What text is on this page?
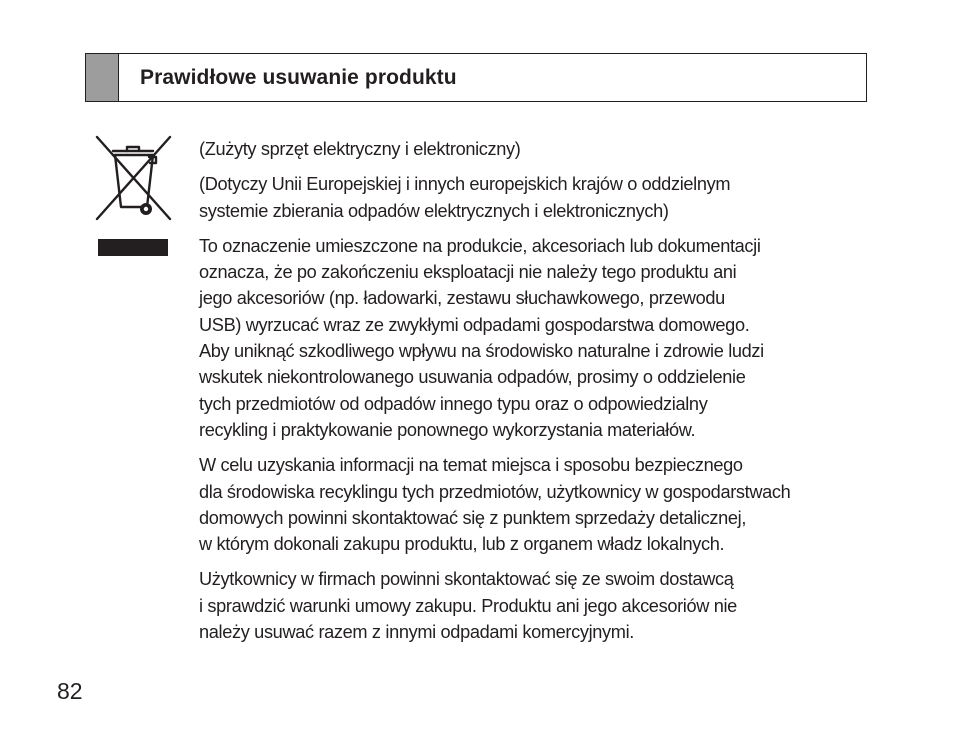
Prawidłowe usuwanie produktu

(Zużyty sprzęt elektryczny i elektroniczny)

(Dotyczy Unii Europejskiej i innych europejskich krajów o oddzielnym
systemie zbierania odpadów elektrycznych i elektronicznych)

To oznaczenie umieszczone na produkcie, akcesoriach lub dokumentacji
oznacza, że po zakończeniu eksploatacji nie należy tego produktu ani
jego akcesoriów (np. ładowarki, zestawu słuchawkowego, przewodu
USB) wyrzucać wraz ze zwykłymi odpadami gospodarstwa domowego.
Aby uniknąć szkodliwego wpływu na środowisko naturalne i zdrowie ludzi
wskutek niekontrolowanego usuwania odpadów, prosimy o oddzielenie
tych przedmiotów od odpadów innego typu oraz o odpowiedzialny
recykling i praktykowanie ponownego wykorzystania materiałów.

W celu uzyskania informacji na temat miejsca i sposobu bezpiecznego
dla środowiska recyklingu tych przedmiotów, użytkownicy w gospodarstwach
domowych powinni skontaktować się z punktem sprzedaży detalicznej,
w którym dokonali zakupu produktu, lub z organem władz lokalnych.

Użytkownicy w firmach powinni skontaktować się ze swoim dostawcą
i sprawdzić warunki umowy zakupu. Produktu ani jego akcesoriów nie
należy usuwać razem z innymi odpadami komercyjnymi.

82
